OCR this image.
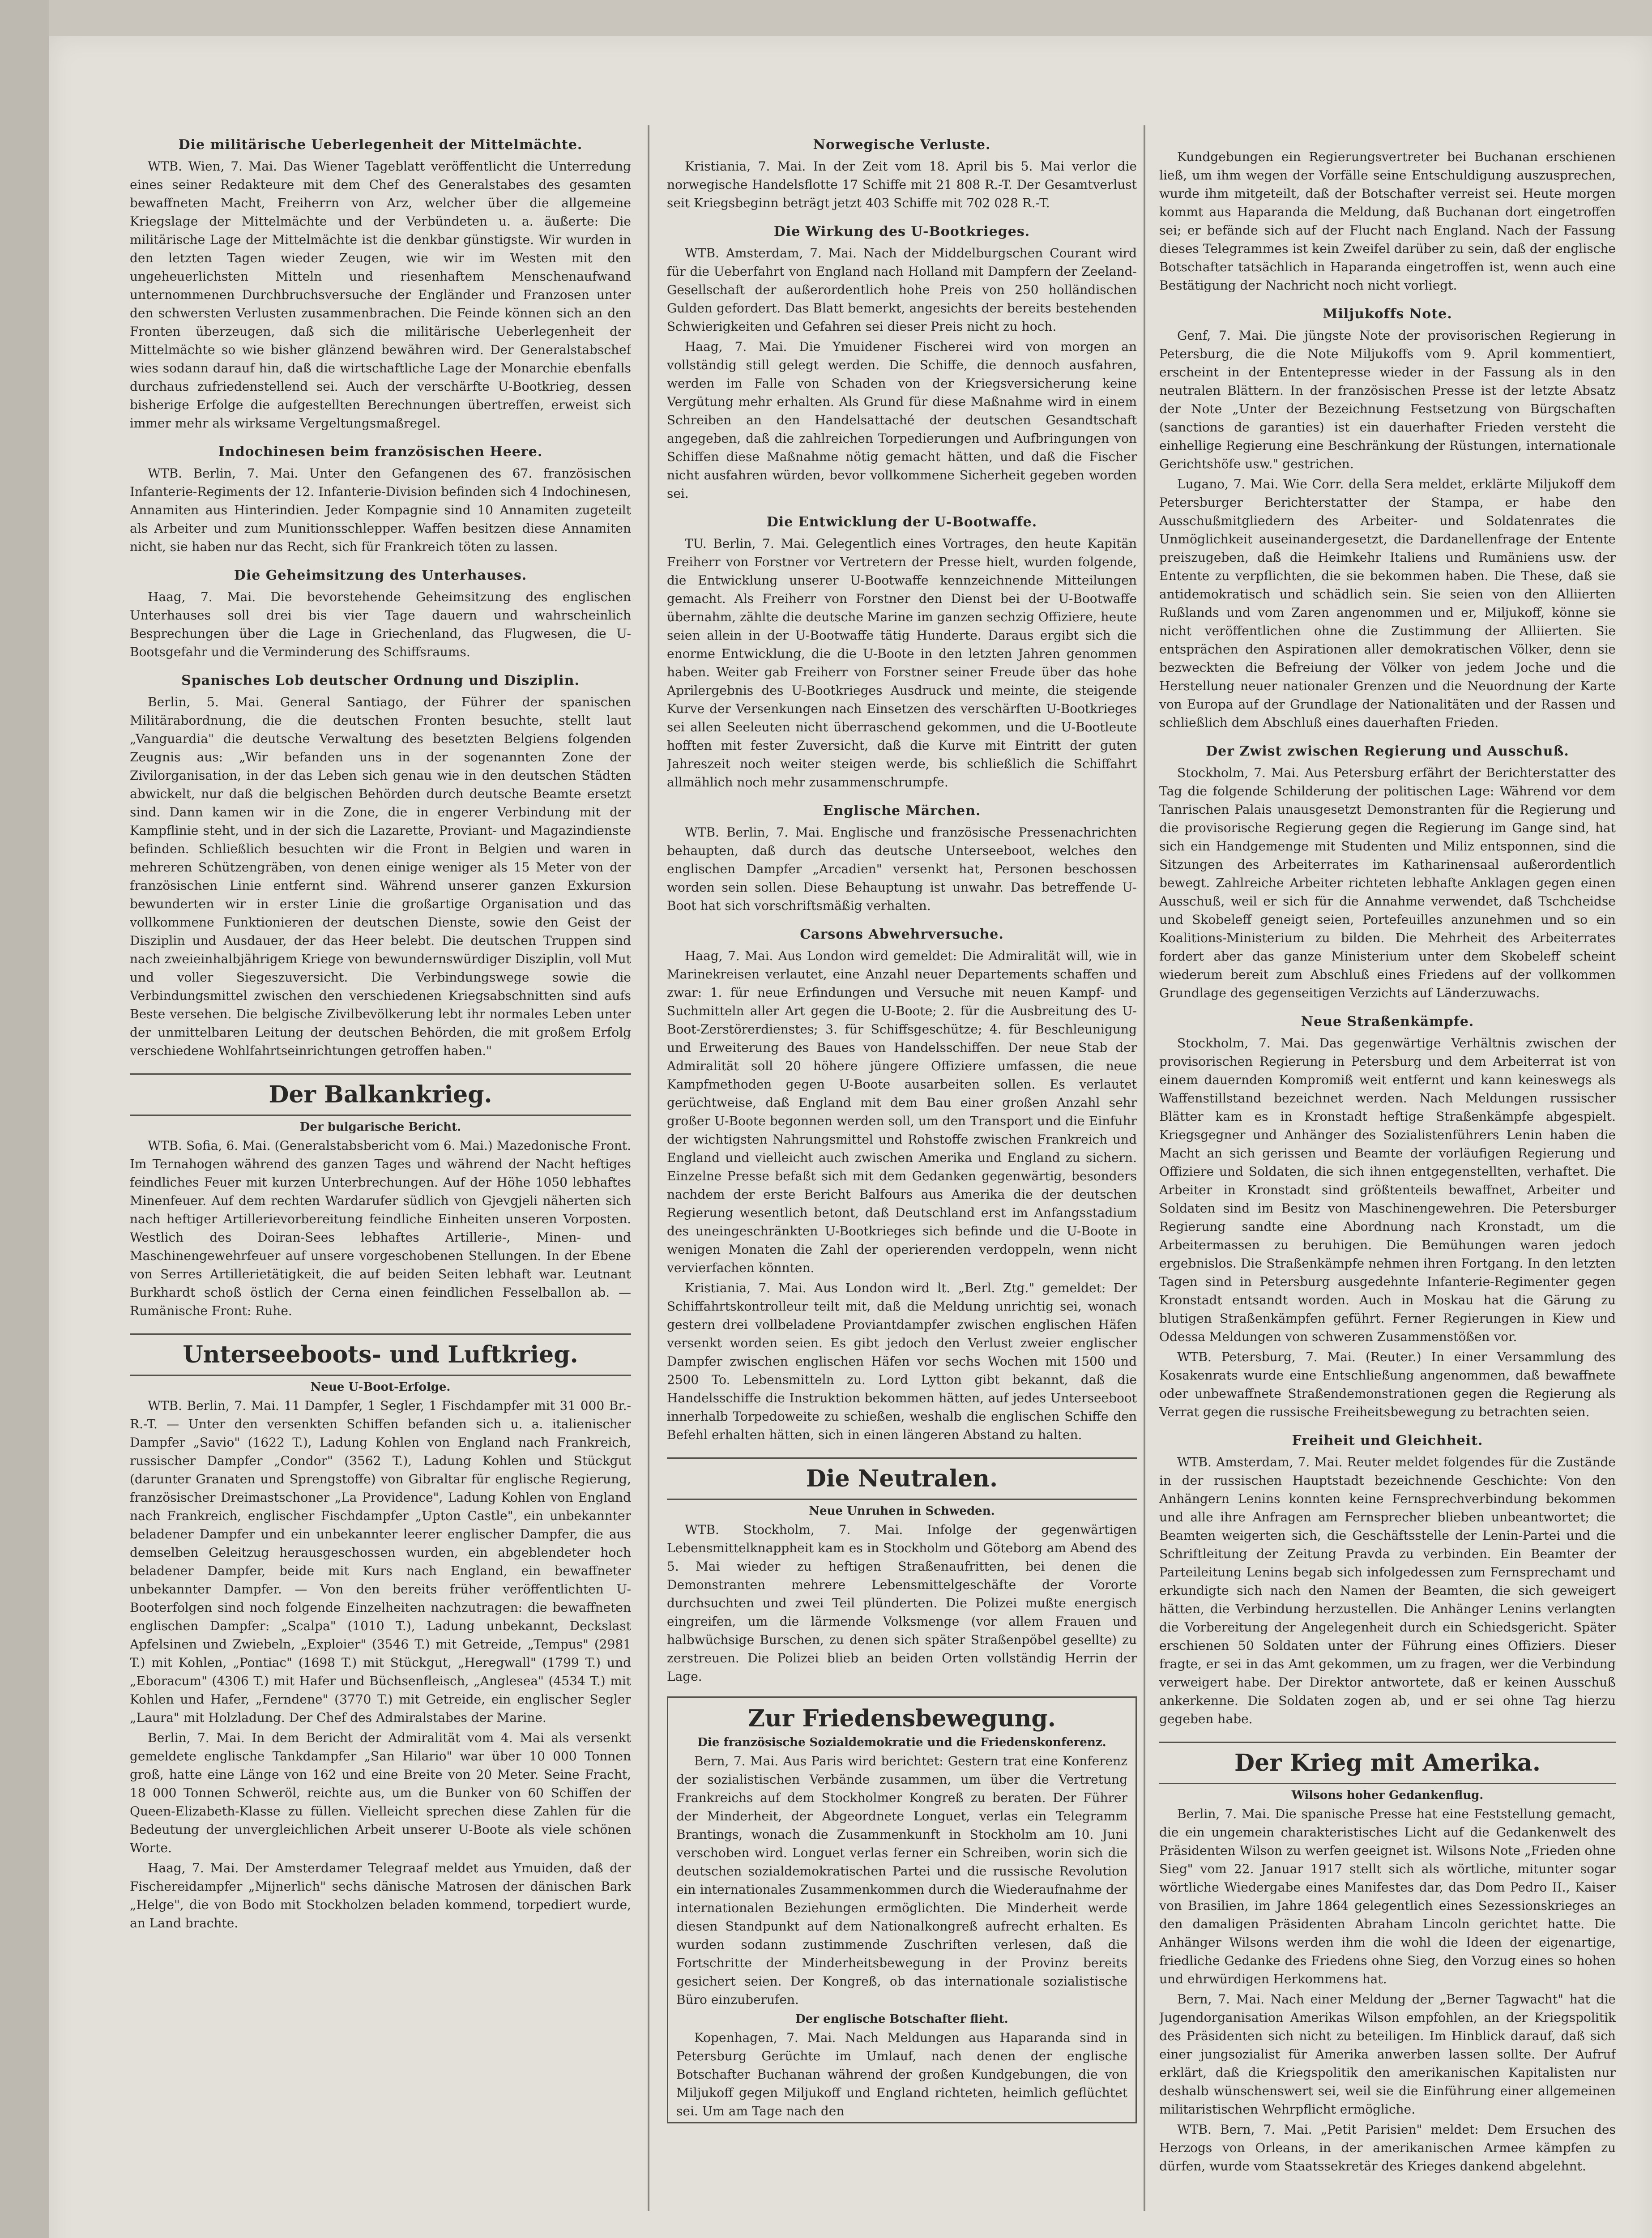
Die militärische Ueberlegenheit der Mittelmächte.

WTB. Wien, 7. Mai. Das Wiener Tageblatt veröffentlicht die Unterredung eines seiner Redakteure mit dem Chef des Generalstabes des gesamten bewaffneten Macht, Freiherrn von Arz, welcher über die allgemeine Kriegslage der Mittelmächte und der Verbündeten u. a. äußerte: Die militärische Lage der Mittelmächte ist die denkbar günstigste. Wir wurden in den letzten Tagen wieder Zeugen, wie wir im Westen mit den ungeheuerlichsten Mitteln und riesenhaftem Menschenaufwand unternommenen Durchbruchsversuche der Engländer und Franzosen unter den schwersten Verlusten zusammenbrachen. Die Feinde können sich an den Fronten überzeugen, daß sich die militärische Ueberlegenheit der Mittelmächte so wie bisher glänzend bewähren wird. Der Generalstabschef wies sodann darauf hin, daß die wirtschaftliche Lage der Monarchie ebenfalls durchaus zufriedenstellend sei. Auch der verschärfte U-Bootkrieg, dessen bisherige Erfolge die aufgestellten Berechnungen übertreffen, erweist sich immer mehr als wirksame Vergeltungsmaßregel.

Indochinesen beim französischen Heere.

WTB. Berlin, 7. Mai. Unter den Gefangenen des 67. französischen Infanterie-Regiments der 12. Infanterie-Division befinden sich 4 Indochinesen, Annamiten aus Hinterindien. Jeder Kompagnie sind 10 Annamiten zugeteilt als Arbeiter und zum Munitionsschlepper. Waffen besitzen diese Annamiten nicht, sie haben nur das Recht, sich für Frankreich töten zu lassen.

Die Geheimsitzung des Unterhauses.

Haag, 7. Mai. Die bevorstehende Geheimsitzung des englischen Unterhauses soll drei bis vier Tage dauern und wahrscheinlich Besprechungen über die Lage in Griechenland, das Flugwesen, die U-Bootsgefahr und die Verminderung des Schiffsraums.

Spanisches Lob deutscher Ordnung und Disziplin.

Berlin, 5. Mai. General Santiago, der Führer der spanischen Militärabordnung, die die deutschen Fronten besuchte, stellt laut „Vanguardia" die deutsche Verwaltung des besetzten Belgiens folgenden Zeugnis aus: „Wir befanden uns in der sogenannten Zone der Zivilorganisation, in der das Leben sich genau wie in den deutschen Städten abwickelt, nur daß die belgischen Behörden durch deutsche Beamte ersetzt sind. Dann kamen wir in die Zone, die in engerer Verbindung mit der Kampflinie steht, und in der sich die Lazarette, Proviant- und Magazindienste befinden. Schließlich besuchten wir die Front in Belgien und waren in mehreren Schützengräben, von denen einige weniger als 15 Meter von der französischen Linie entfernt sind. Während unserer ganzen Exkursion bewunderten wir in erster Linie die großartige Organisation und das vollkommene Funktionieren der deutschen Dienste, sowie den Geist der Disziplin und Ausdauer, der das Heer belebt. Die deutschen Truppen sind nach zweieinhalbjährigem Kriege von bewundernswürdiger Disziplin, voll Mut und voller Siegeszuversicht. Die Verbindungswege sowie die Verbindungsmittel zwischen den verschiedenen Kriegsabschnitten sind aufs Beste versehen. Die belgische Zivilbevölkerung lebt ihr normales Leben unter der unmittelbaren Leitung der deutschen Behörden, die mit großem Erfolg verschiedene Wohlfahrtseinrichtungen getroffen haben."

Der Balkankrieg.
Der bulgarische Bericht.

WTB. Sofia, 6. Mai. (Generalstabsbericht vom 6. Mai.) Mazedonische Front. Im Ternahogen während des ganzen Tages und während der Nacht heftiges feindliches Feuer mit kurzen Unterbrechungen. Auf der Höhe 1050 lebhaftes Minenfeuer. Auf dem rechten Wardarufer südlich von Gjevgjeli näherten sich nach heftiger Artillerievorbereitung feindliche Einheiten unseren Vorposten. Westlich des Doiran-Sees lebhaftes Artillerie-, Minen- und Maschinengewehrfeuer auf unsere vorgeschobenen Stellungen. In der Ebene von Serres Artillerietätigkeit, die auf beiden Seiten lebhaft war. Leutnant Burkhardt schoß östlich der Cerna einen feindlichen Fesselballon ab. — Rumänische Front: Ruhe.

Unterseeboots- und Luftkrieg.
Neue U-Boot-Erfolge.

WTB. Berlin, 7. Mai. 11 Dampfer, 1 Segler, 1 Fischdampfer mit 31 000 Br.-R.-T. — Unter den versenkten Schiffen befanden sich u. a. italienischer Dampfer „Savio" (1622 T.), Ladung Kohlen von England nach Frankreich, russischer Dampfer „Condor" (3562 T.), Ladung Kohlen und Stückgut (darunter Granaten und Sprengstoffe) von Gibraltar für englische Regierung, französischer Dreimastschoner „La Providence", Ladung Kohlen von England nach Frankreich, englischer Fischdampfer „Upton Castle", ein unbekannter beladener Dampfer und ein unbekannter leerer englischer Dampfer, die aus demselben Geleitzug herausgeschossen wurden, ein abgeblendeter hoch beladener Dampfer, beide mit Kurs nach England, ein bewaffneter unbekannter Dampfer. — Von den bereits früher veröffentlichten U-Booterfolgen sind noch folgende Einzelheiten nachzutragen: die bewaffneten englischen Dampfer: „Scalpa" (1010 T.), Ladung unbekannt, Deckslast Apfelsinen und Zwiebeln, „Exploier" (3546 T.) mit Getreide, „Tempus" (2981 T.) mit Kohlen, „Pontiac" (1698 T.) mit Stückgut, „Heregwall" (1799 T.) und „Eboracum" (4306 T.) mit Hafer und Büchsenfleisch, „Anglesea" (4534 T.) mit Kohlen und Hafer, „Ferndene" (3770 T.) mit Getreide, ein englischer Segler „Laura" mit Holzladung. Der Chef des Admiralstabes der Marine.

Berlin, 7. Mai. In dem Bericht der Admiralität vom 4. Mai als versenkt gemeldete englische Tankdampfer „San Hilario" war über 10 000 Tonnen groß, hatte eine Länge von 162 und eine Breite von 20 Meter. Seine Fracht, 18 000 Tonnen Schweröl, reichte aus, um die Bunker von 60 Schiffen der Queen-Elizabeth-Klasse zu füllen. Vielleicht sprechen diese Zahlen für die Bedeutung der unvergleichlichen Arbeit unserer U-Boote als viele schönen Worte.

Haag, 7. Mai. Der Amsterdamer Telegraaf meldet aus Ymuiden, daß der Fischereidampfer „Mijnerlich" sechs dänische Matrosen der dänischen Bark „Helge", die von Bodo mit Stockholzen beladen kommend, torpediert wurde, an Land brachte.

Norwegische Verluste.

Kristiania, 7. Mai. In der Zeit vom 18. April bis 5. Mai verlor die norwegische Handelsflotte 17 Schiffe mit 21 808 R.-T. Der Gesamtverlust seit Kriegsbeginn beträgt jetzt 403 Schiffe mit 702 028 R.-T.

Die Wirkung des U-Bootkrieges.

WTB. Amsterdam, 7. Mai. Nach der Middelburgschen Courant wird für die Ueberfahrt von England nach Holland mit Dampfern der Zeeland-Gesellschaft der außerordentlich hohe Preis von 250 holländischen Gulden gefordert. Das Blatt bemerkt, angesichts der bereits bestehenden Schwierigkeiten und Gefahren sei dieser Preis nicht zu hoch.

Haag, 7. Mai. Die Ymuidener Fischerei wird von morgen an vollständig still gelegt werden. Die Schiffe, die dennoch ausfahren, werden im Falle von Schaden von der Kriegsversicherung keine Vergütung mehr erhalten. Als Grund für diese Maßnahme wird in einem Schreiben an den Handelsattaché der deutschen Gesandtschaft angegeben, daß die zahlreichen Torpedierungen und Aufbringungen von Schiffen diese Maßnahme nötig gemacht hätten, und daß die Fischer nicht ausfahren würden, bevor vollkommene Sicherheit gegeben worden sei.

Die Entwicklung der U-Bootwaffe.

TU. Berlin, 7. Mai. Gelegentlich eines Vortrages, den heute Kapitän Freiherr von Forstner vor Vertretern der Presse hielt, wurden folgende, die Entwicklung unserer U-Bootwaffe kennzeichnende Mitteilungen gemacht. Als Freiherr von Forstner den Dienst bei der U-Bootwaffe übernahm, zählte die deutsche Marine im ganzen sechzig Offiziere, heute seien allein in der U-Bootwaffe tätig Hunderte. Daraus ergibt sich die enorme Entwicklung, die die U-Boote in den letzten Jahren genommen haben. Weiter gab Freiherr von Forstner seiner Freude über das hohe Aprilergebnis des U-Bootkrieges Ausdruck und meinte, die steigende Kurve der Versenkungen nach Einsetzen des verschärften U-Bootkrieges sei allen Seeleuten nicht überraschend gekommen, und die U-Bootleute hofften mit fester Zuversicht, daß die Kurve mit Eintritt der guten Jahreszeit noch weiter steigen werde, bis schließlich die Schiffahrt allmählich noch mehr zusammenschrumpfe.

Englische Märchen.

WTB. Berlin, 7. Mai. Englische und französische Pressenachrichten behaupten, daß durch das deutsche Unterseeboot, welches den englischen Dampfer „Arcadien" versenkt hat, Personen beschossen worden sein sollen. Diese Behauptung ist unwahr. Das betreffende U-Boot hat sich vorschriftsmäßig verhalten.

Carsons Abwehrversuche.

Haag, 7. Mai. Aus London wird gemeldet: Die Admiralität will, wie in Marinekreisen verlautet, eine Anzahl neuer Departements schaffen und zwar: 1. für neue Erfindungen und Versuche mit neuen Kampf- und Suchmitteln aller Art gegen die U-Boote; 2. für die Ausbreitung des U-Boot-Zerstörerdienstes; 3. für Schiffsgeschütze; 4. für Beschleunigung und Erweiterung des Baues von Handelsschiffen. Der neue Stab der Admiralität soll 20 höhere jüngere Offiziere umfassen, die neue Kampfmethoden gegen U-Boote ausarbeiten sollen. Es verlautet gerüchtweise, daß England mit dem Bau einer großen Anzahl sehr großer U-Boote begonnen werden soll, um den Transport und die Einfuhr der wichtigsten Nahrungsmittel und Rohstoffe zwischen Frankreich und England und vielleicht auch zwischen Amerika und England zu sichern. Einzelne Presse befaßt sich mit dem Gedanken gegenwärtig, besonders nachdem der erste Bericht Balfours aus Amerika die der deutschen Regierung wesentlich betont, daß Deutschland erst im Anfangsstadium des uneingeschränkten U-Bootkrieges sich befinde und die U-Boote in wenigen Monaten die Zahl der operierenden verdoppeln, wenn nicht vervierfachen könnten.

Kristiania, 7. Mai. Aus London wird lt. „Berl. Ztg." gemeldet: Der Schiffahrtskontrolleur teilt mit, daß die Meldung unrichtig sei, wonach gestern drei vollbeladene Proviantdampfer zwischen englischen Häfen versenkt worden seien. Es gibt jedoch den Verlust zweier englischer Dampfer zwischen englischen Häfen vor sechs Wochen mit 1500 und 2500 To. Lebensmitteln zu. Lord Lytton gibt bekannt, daß die Handelsschiffe die Instruktion bekommen hätten, auf jedes Unterseeboot innerhalb Torpedoweite zu schießen, weshalb die englischen Schiffe den Befehl erhalten hätten, sich in einen längeren Abstand zu halten.

Die Neutralen.
Neue Unruhen in Schweden.

WTB. Stockholm, 7. Mai. Infolge der gegenwärtigen Lebensmittelknappheit kam es in Stockholm und Göteborg am Abend des 5. Mai wieder zu heftigen Straßenaufritten, bei denen die Demonstranten mehrere Lebensmittelgeschäfte der Vororte durchsuchten und zwei Teil plünderten. Die Polizei mußte energisch eingreifen, um die lärmende Volksmenge (vor allem Frauen und halbwüchsige Burschen, zu denen sich später Straßenpöbel gesellte) zu zerstreuen. Die Polizei blieb an beiden Orten vollständig Herrin der Lage.

Zur Friedensbewegung.
Die französische Sozialdemokratie und die Friedenskonferenz.

Bern, 7. Mai. Aus Paris wird berichtet: Gestern trat eine Konferenz der sozialistischen Verbände zusammen, um über die Vertretung Frankreichs auf dem Stockholmer Kongreß zu beraten. Der Führer der Minderheit, der Abgeordnete Longuet, verlas ein Telegramm Brantings, wonach die Zusammenkunft in Stockholm am 10. Juni verschoben wird. Longuet verlas ferner ein Schreiben, worin sich die deutschen sozialdemokratischen Partei und die russische Revolution ein internationales Zusammenkommen durch die Wiederaufnahme der internationalen Beziehungen ermöglichten. Die Minderheit werde diesen Standpunkt auf dem Nationalkongreß aufrecht erhalten. Es wurden sodann zustimmende Zuschriften verlesen, daß die Fortschritte der Minderheitsbewegung in der Provinz bereits gesichert seien. Der Kongreß, ob das internationale sozialistische Büro einzuberufen.

Der englische Botschafter flieht.

Kopenhagen, 7. Mai. Nach Meldungen aus Haparanda sind in Petersburg Gerüchte im Umlauf, nach denen der englische Botschafter Buchanan während der großen Kundgebungen, die von Miljukoff gegen Miljukoff und England richteten, heimlich geflüchtet sei. Um am Tage nach den

Kundgebungen ein Regierungsvertreter bei Buchanan erschienen ließ, um ihm wegen der Vorfälle seine Entschuldigung auszusprechen, wurde ihm mitgeteilt, daß der Botschafter verreist sei. Heute morgen kommt aus Haparanda die Meldung, daß Buchanan dort eingetroffen sei; er befände sich auf der Flucht nach England. Nach der Fassung dieses Telegrammes ist kein Zweifel darüber zu sein, daß der englische Botschafter tatsächlich in Haparanda eingetroffen ist, wenn auch eine Bestätigung der Nachricht noch nicht vorliegt.

Miljukoffs Note.

Genf, 7. Mai. Die jüngste Note der provisorischen Regierung in Petersburg, die die Note Miljukoffs vom 9. April kommentiert, erscheint in der Ententepresse wieder in der Fassung als in den neutralen Blättern. In der französischen Presse ist der letzte Absatz der Note „Unter der Bezeichnung Festsetzung von Bürgschaften (sanctions de garanties) ist ein dauerhafter Frieden versteht die einhellige Regierung eine Beschränkung der Rüstungen, internationale Gerichtshöfe usw." gestrichen.

Lugano, 7. Mai. Wie Corr. della Sera meldet, erklärte Miljukoff dem Petersburger Berichterstatter der Stampa, er habe den Ausschußmitgliedern des Arbeiter- und Soldatenrates die Unmöglichkeit auseinandergesetzt, die Dardanellenfrage der Entente preiszugeben, daß die Heimkehr Italiens und Rumäniens usw. der Entente zu verpflichten, die sie bekommen haben. Die These, daß sie antidemokratisch und schädlich sein. Sie seien von den Alliierten Rußlands und vom Zaren angenommen und er, Miljukoff, könne sie nicht veröffentlichen ohne die Zustimmung der Alliierten. Sie entsprächen den Aspirationen aller demokratischen Völker, denn sie bezweckten die Befreiung der Völker von jedem Joche und die Herstellung neuer nationaler Grenzen und die Neuordnung der Karte von Europa auf der Grundlage der Nationalitäten und der Rassen und schließlich dem Abschluß eines dauerhaften Frieden.

Der Zwist zwischen Regierung und Ausschuß.

Stockholm, 7. Mai. Aus Petersburg erfährt der Berichterstatter des Tag die folgende Schilderung der politischen Lage: Während vor dem Tanrischen Palais unausgesetzt Demonstranten für die Regierung und die provisorische Regierung gegen die Regierung im Gange sind, hat sich ein Handgemenge mit Studenten und Miliz entsponnen, sind die Sitzungen des Arbeiterrates im Katharinensaal außerordentlich bewegt. Zahlreiche Arbeiter richteten lebhafte Anklagen gegen einen Ausschuß, weil er sich für die Annahme verwendet, daß Tschcheidse und Skobeleff geneigt seien, Portefeuilles anzunehmen und so ein Koalitions-Ministerium zu bilden. Die Mehrheit des Arbeiterrates fordert aber das ganze Ministerium unter dem Skobeleff scheint wiederum bereit zum Abschluß eines Friedens auf der vollkommen Grundlage des gegenseitigen Verzichts auf Länderzuwachs.

Neue Straßenkämpfe.

Stockholm, 7. Mai. Das gegenwärtige Verhältnis zwischen der provisorischen Regierung in Petersburg und dem Arbeiterrat ist von einem dauernden Kompromiß weit entfernt und kann keineswegs als Waffenstillstand bezeichnet werden. Nach Meldungen russischer Blätter kam es in Kronstadt heftige Straßenkämpfe abgespielt. Kriegsgegner und Anhänger des Sozialistenführers Lenin haben die Macht an sich gerissen und Beamte der vorläufigen Regierung und Offiziere und Soldaten, die sich ihnen entgegenstellten, verhaftet. Die Arbeiter in Kronstadt sind größtenteils bewaffnet, Arbeiter und Soldaten sind im Besitz von Maschinengewehren. Die Petersburger Regierung sandte eine Abordnung nach Kronstadt, um die Arbeitermassen zu beruhigen. Die Bemühungen waren jedoch ergebnislos. Die Straßenkämpfe nehmen ihren Fortgang. In den letzten Tagen sind in Petersburg ausgedehnte Infanterie-Regimenter gegen Kronstadt entsandt worden. Auch in Moskau hat die Gärung zu blutigen Straßenkämpfen geführt. Ferner Regierungen in Kiew und Odessa Meldungen von schweren Zusammenstößen vor.

WTB. Petersburg, 7. Mai. (Reuter.) In einer Versammlung des Kosakenrats wurde eine Entschließung angenommen, daß bewaffnete oder unbewaffnete Straßendemonstrationen gegen die Regierung als Verrat gegen die russische Freiheitsbewegung zu betrachten seien.

Freiheit und Gleichheit.

WTB. Amsterdam, 7. Mai. Reuter meldet folgendes für die Zustände in der russischen Hauptstadt bezeichnende Geschichte: Von den Anhängern Lenins konnten keine Fernsprechverbindung bekommen und alle ihre Anfragen am Fernsprecher blieben unbeantwortet; die Beamten weigerten sich, die Geschäftsstelle der Lenin-Partei und die Schriftleitung der Zeitung Pravda zu verbinden. Ein Beamter der Parteileitung Lenins begab sich infolgedessen zum Fernsprechamt und erkundigte sich nach den Namen der Beamten, die sich geweigert hätten, die Verbindung herzustellen. Die Anhänger Lenins verlangten die Vorbereitung der Angelegenheit durch ein Schiedsgericht. Später erschienen 50 Soldaten unter der Führung eines Offiziers. Dieser fragte, er sei in das Amt gekommen, um zu fragen, wer die Verbindung verweigert habe. Der Direktor antwortete, daß er keinen Ausschuß ankerkenne. Die Soldaten zogen ab, und er sei ohne Tag hierzu gegeben habe.

Der Krieg mit Amerika.
Wilsons hoher Gedankenflug.

Berlin, 7. Mai. Die spanische Presse hat eine Feststellung gemacht, die ein ungemein charakteristisches Licht auf die Gedankenwelt des Präsidenten Wilson zu werfen geeignet ist. Wilsons Note „Frieden ohne Sieg" vom 22. Januar 1917 stellt sich als wörtliche, mitunter sogar wörtliche Wiedergabe eines Manifestes dar, das Dom Pedro II., Kaiser von Brasilien, im Jahre 1864 gelegentlich eines Sezessionskrieges an den damaligen Präsidenten Abraham Lincoln gerichtet hatte. Die Anhänger Wilsons werden ihm die wohl die Ideen der eigenartige, friedliche Gedanke des Friedens ohne Sieg, den Vorzug eines so hohen und ehrwürdigen Herkommens hat.

Bern, 7. Mai. Nach einer Meldung der „Berner Tagwacht" hat die Jugendorganisation Amerikas Wilson empfohlen, an der Kriegspolitik des Präsidenten sich nicht zu beteiligen. Im Hinblick darauf, daß sich einer jungsozialist für Amerika anwerben lassen sollte. Der Aufruf erklärt, daß die Kriegspolitik den amerikanischen Kapitalisten nur deshalb wünschenswert sei, weil sie die Einführung einer allgemeinen militaristischen Wehrpflicht ermögliche.

WTB. Bern, 7. Mai. „Petit Parisien" meldet: Dem Ersuchen des Herzogs von Orleans, in der amerikanischen Armee kämpfen zu dürfen, wurde vom Staatssekretär des Krieges dankend abgelehnt.
